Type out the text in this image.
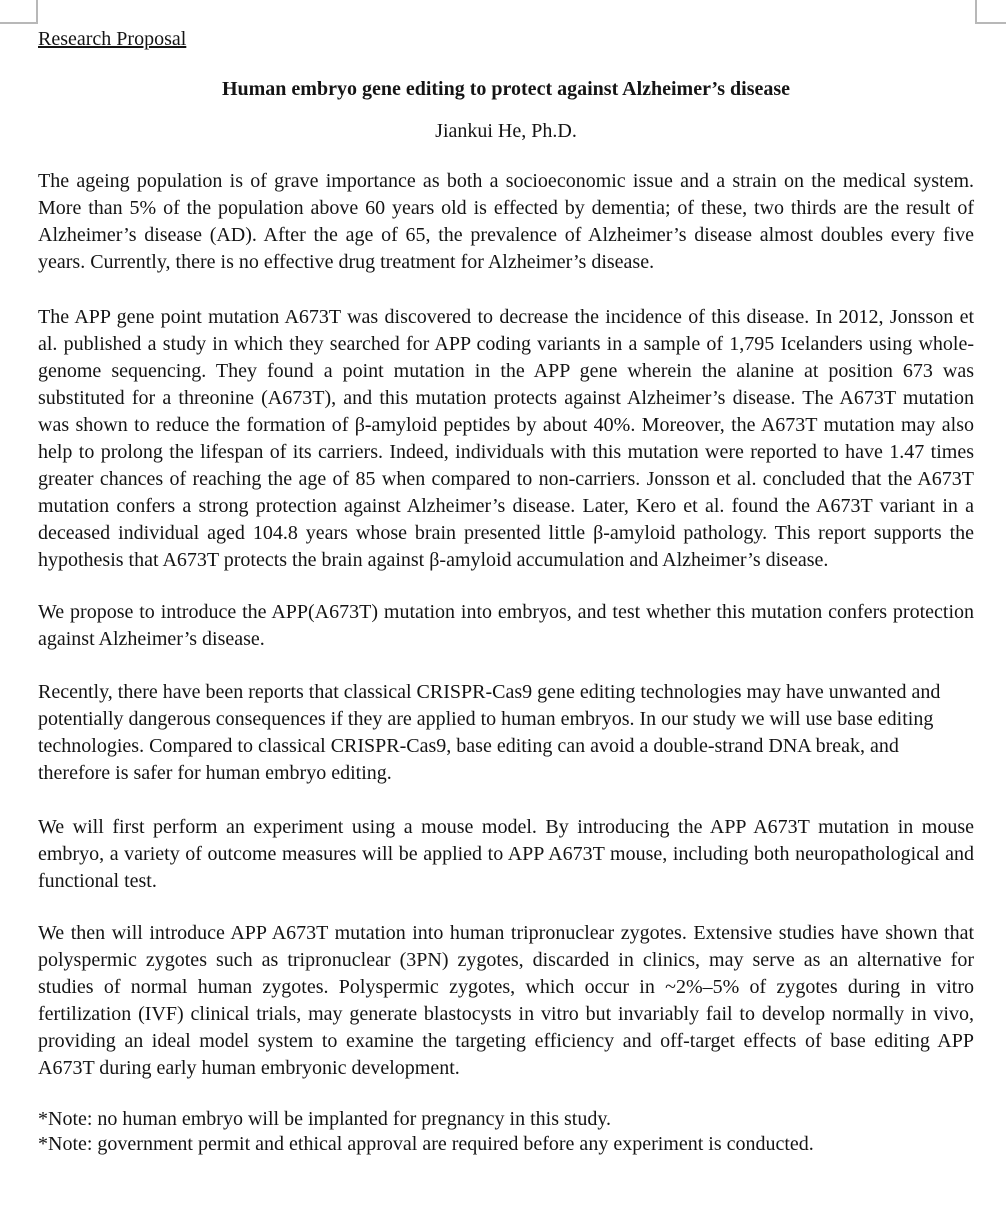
Research Proposal

Human embryo gene editing to protect against Alzheimer’s disease

Jiankui He, Ph.D.

The ageing population is of grave importance as both a socioeconomic issue and a strain on the medical system. More than 5% of the population above 60 years old is effected by dementia; of these, two thirds are the result of Alzheimer’s disease (AD). After the age of 65, the prevalence of Alzheimer’s disease almost doubles every five years. Currently, there is no effective drug treatment for Alzheimer’s disease.

The APP gene point mutation A673T was discovered to decrease the incidence of this disease. In 2012, Jonsson et al. published a study in which they searched for APP coding variants in a sample of 1,795 Icelanders using whole-genome sequencing. They found a point mutation in the APP gene wherein the alanine at position 673 was substituted for a threonine (A673T), and this mutation protects against Alzheimer’s disease. The A673T mutation was shown to reduce the formation of β-amyloid peptides by about 40%. Moreover, the A673T mutation may also help to prolong the lifespan of its carriers. Indeed, individuals with this mutation were reported to have 1.47 times greater chances of reaching the age of 85 when compared to non-carriers. Jonsson et al. concluded that the A673T mutation confers a strong protection against Alzheimer’s disease. Later, Kero et al. found the A673T variant in a deceased individual aged 104.8 years whose brain presented little β-amyloid pathology. This report supports the hypothesis that A673T protects the brain against β-amyloid accumulation and Alzheimer’s disease.

We propose to introduce the APP(A673T) mutation into embryos, and test whether this mutation confers protection against Alzheimer’s disease.

Recently, there have been reports that classical CRISPR-Cas9 gene editing technologies may have unwanted and potentially dangerous consequences if they are applied to human embryos. In our study we will use base editing technologies. Compared to classical CRISPR-Cas9, base editing can avoid a double-strand DNA break, and therefore is safer for human embryo editing.

We will first perform an experiment using a mouse model. By introducing the APP A673T mutation in mouse embryo, a variety of outcome measures will be applied to APP A673T mouse, including both neuropathological and functional test.

We then will introduce APP A673T mutation into human tripronuclear zygotes. Extensive studies have shown that polyspermic zygotes such as tripronuclear (3PN) zygotes, discarded in clinics, may serve as an alternative for studies of normal human zygotes. Polyspermic zygotes, which occur in ~2%–5% of zygotes during in vitro fertilization (IVF) clinical trials, may generate blastocysts in vitro but invariably fail to develop normally in vivo, providing an ideal model system to examine the targeting efficiency and off-target effects of base editing APP A673T during early human embryonic development.

*Note: no human embryo will be implanted for pregnancy in this study.

*Note: government permit and ethical approval are required before any experiment is conducted.
